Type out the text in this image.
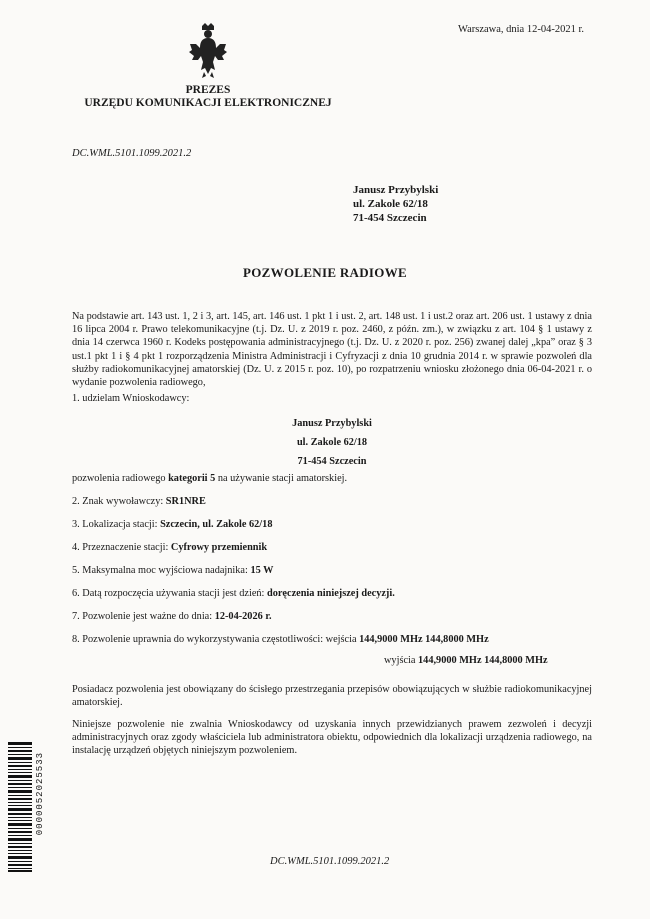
Warszawa, dnia 12-04-2021 r.
PREZES
URZĘDU KOMUNIKACJI ELEKTRONICZNEJ
DC.WML.5101.1099.2021.2
Janusz Przybylski
ul. Zakole 62/18
71-454 Szczecin
POZWOLENIE RADIOWE
Na podstawie art. 143 ust. 1, 2 i 3, art. 145, art. 146 ust. 1 pkt 1 i ust. 2, art. 148 ust. 1 i ust.2 oraz art. 206 ust. 1 ustawy z dnia 16 lipca 2004 r. Prawo telekomunikacyjne (t.j. Dz. U. z 2019 r. poz. 2460, z późn. zm.), w związku z art. 104 § 1 ustawy z dnia 14 czerwca 1960 r. Kodeks postępowania administracyjnego (t.j. Dz. U. z 2020 r. poz. 256) zwanej dalej „kpa” oraz § 3 ust.1 pkt 1 i § 4 pkt 1 rozporządzenia Ministra Administracji i Cyfryzacji z dnia 10 grudnia 2014 r. w sprawie pozwoleń dla służby radiokomunikacyjnej amatorskiej (Dz. U. z 2015 r. poz. 10), po rozpatrzeniu wniosku złożonego dnia 06-04-2021 r. o wydanie pozwolenia radiowego,
1. udzielam Wnioskodawcy:
Janusz Przybylski
ul. Zakole 62/18
71-454 Szczecin
pozwolenia radiowego kategorii 5 na używanie stacji amatorskiej.
2. Znak wywoławczy: SR1NRE
3. Lokalizacja stacji: Szczecin, ul. Zakole 62/18
4. Przeznaczenie stacji: Cyfrowy przemiennik
5. Maksymalna moc wyjściowa nadajnika: 15 W
6. Datą rozpoczęcia używania stacji jest dzień: doręczenia niniejszej decyzji.
7. Pozwolenie jest ważne do dnia: 12-04-2026 r.
8. Pozwolenie uprawnia do wykorzystywania częstotliwości: wejścia 144,9000 MHz 144,8000 MHz
wyjścia 144,9000 MHz 144,8000 MHz
Posiadacz pozwolenia jest obowiązany do ścisłego przestrzegania przepisów obowiązujących w służbie radiokomunikacyjnej amatorskiej.
Niniejsze pozwolenie nie zwalnia Wnioskodawcy od uzyskania innych przewidzianych prawem zezwoleń i decyzji administracyjnych oraz zgody właściciela lub administratora obiektu, odpowiednich dla lokalizacji urządzenia radiowego, na instalację urządzeń objętych niniejszym pozwoleniem.
0000052025533
DC.WML.5101.1099.2021.2
